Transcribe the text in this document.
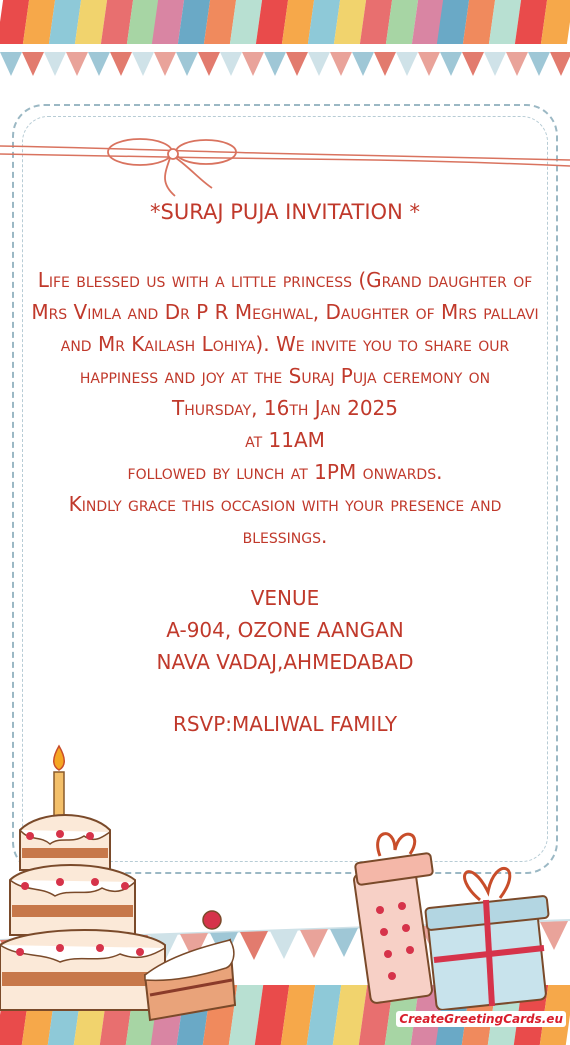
*SURAJ PUJA INVITATION *
Life blessed us with a little princess (Grand daughter of Mrs Vimla and Dr P R Meghwal, Daughter of Mrs pallavi and Mr Kailash Lohiya). We invite you to share our happiness and joy at the Suraj Puja ceremony on
Thursday, 16th Jan 2025
at 11AM
followed by lunch at 1PM onwards.
Kindly grace this occasion with your presence and blessings.
VENUE
A-904, OZONE AANGAN
NAVA VADAJ,AHMEDABAD
RSVP:MALIWAL FAMILY
CreateGreetingCards.eu
